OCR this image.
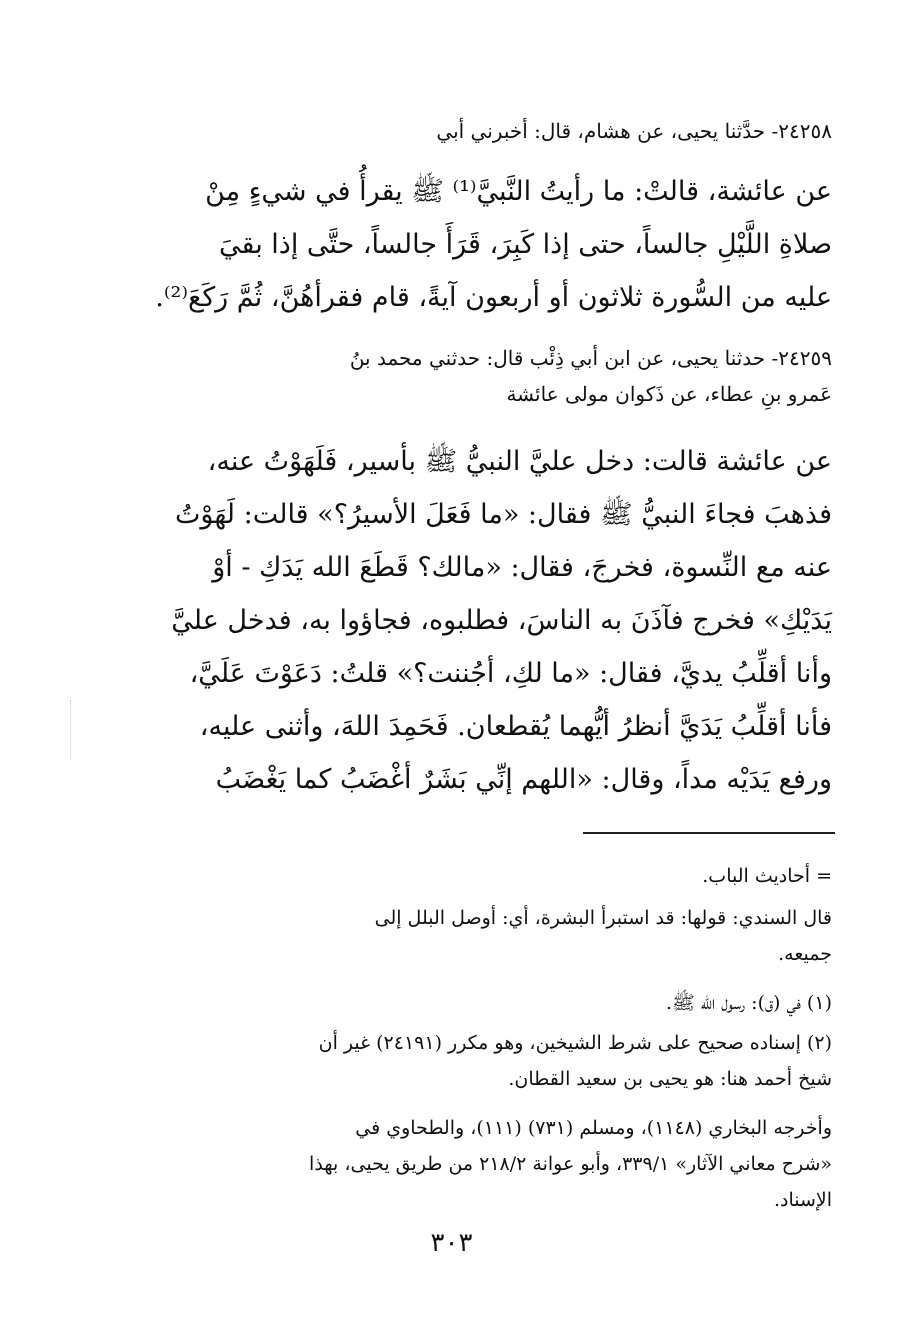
٢٤٢٥٨- حدَّثنا يحيى، عن هشام، قال: أخبرني أبي
عن عائشة، قالتْ: ما رأيتُ النَّبيَّ⁽¹⁾ ﷺ يقرأُ في شيءٍ مِنْ
صلاةِ اللَّيْلِ جالساً، حتى إذا كَبِرَ، قَرَأَ جالساً، حتَّى إذا بقيَ
عليه من السُّورة ثلاثون أو أربعون آيةً، قام فقرأهُنَّ، ثُمَّ رَكَعَ⁽²⁾.
٢٤٢٥٩- حدثنا يحيى، عن ابن أبي ذِئْب قال: حدثني محمد بنُ
عَمرو بنِ عطاء، عن ذَكوان مولى عائشة
عن عائشة قالت: دخل عليَّ النبيُّ ﷺ بأسير، فَلَهَوْتُ عنه،
فذهبَ فجاءَ النبيُّ ﷺ فقال: «ما فَعَلَ الأسيرُ؟» قالت: لَهَوْتُ
عنه مع النِّسوة، فخرجَ، فقال: «مالك؟ قَطَعَ الله يَدَكِ - أوْ
يَدَيْكِ» فخرج فآذَنَ به الناسَ، فطلبوه، فجاؤوا به، فدخل عليَّ
وأنا أقلِّبُ يديَّ، فقال: «ما لكِ، أجُننت؟» قلتُ: دَعَوْتَ عَلَيَّ،
فأنا أقلِّبُ يَدَيَّ أنظرُ أيُّهما يُقطعان. فَحَمِدَ اللهَ، وأثنى عليه،
ورفع يَدَيْه مداً، وقال: «اللهم إنِّي بَشَرٌ أغْضَبُ كما يَغْضَبُ
= أحاديث الباب.
قال السندي: قولها: قد استبرأ البشرة، أي: أوصل البلل إلى
جميعه.
(١) في (ق): رسول الله ﷺ.
(٢) إسناده صحيح على شرط الشيخين، وهو مكرر (٢٤١٩١) غير أن
شيخ أحمد هنا: هو يحيى بن سعيد القطان.
وأخرجه البخاري (١١٤٨)، ومسلم (٧٣١) (١١١)، والطحاوي في
«شرح معاني الآثار» ٣٣٩/١، وأبو عوانة ٢١٨/٢ من طريق يحيى، بهذا
الإسناد.
٣٠٣
